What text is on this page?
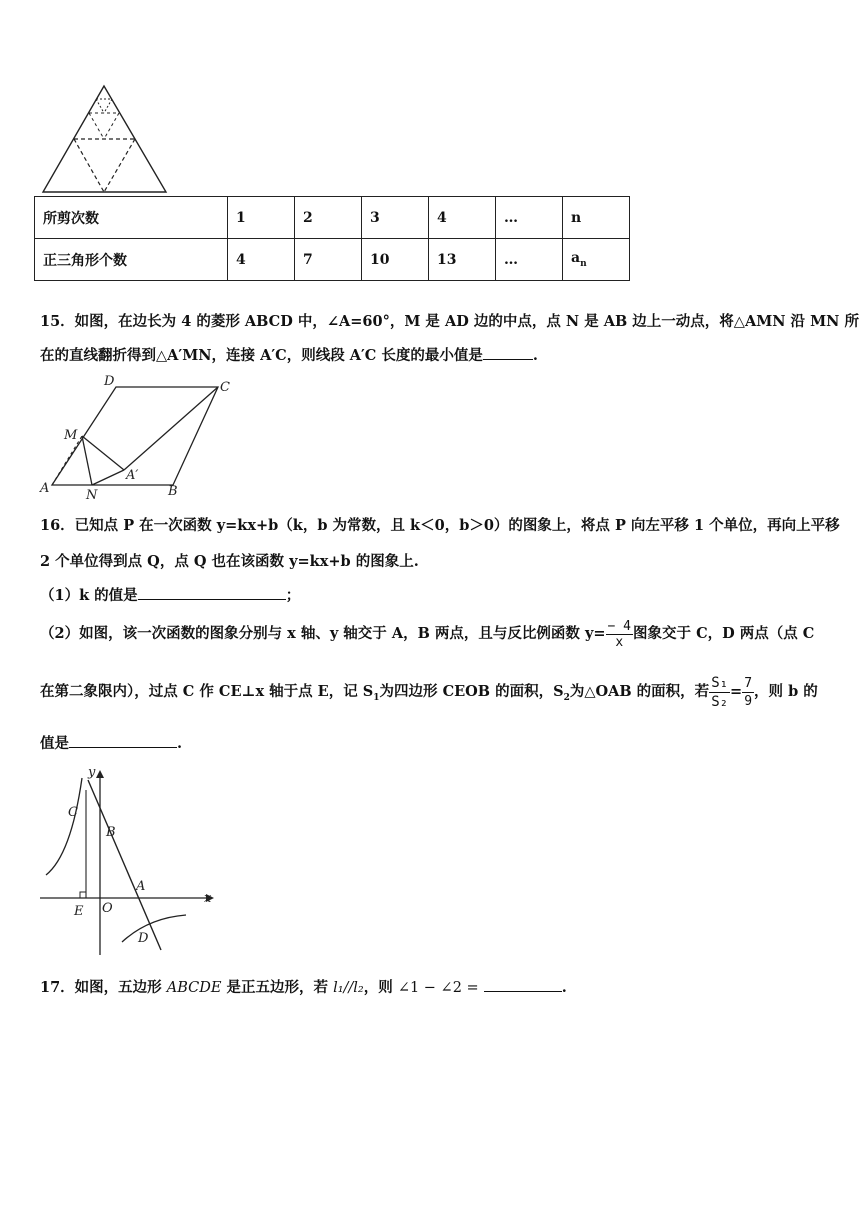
所剪次数	1	2	3	4	…	n
正三角形个数	4	7	10	13	…	$a_n$
15．如图，在边长为 4 的菱形 ABCD 中，∠A=60°，M 是 AD 边的中点，点 N 是 AB 边上一动点，将△AMN 沿 MN 所
在的直线翻折得到△A′MN，连接 A′C，则线段 A′C 长度的最小值是	.
D	C
M
A′
A	N	B
16．已知点 P 在一次函数 y=kx+b（k，b 为常数，且 k＜0，b＞0）的图象上，将点 P 向左平移 1 个单位，再向上平移
2 个单位得到点 Q，点 Q 也在该函数 y=kx+b 的图象上.
（1）k 的值是	；
（2）如图，该一次函数的图象分别与 x 轴、y 轴交于 A，B 两点，且与反比例函数 $y= \frac{- 4}{x}$ 图象交于 C，D 两点（点 C
在第二象限内），过点 C 作 CE⊥x 轴于点 E，记 $S_1$为四边形 CEOB 的面积，$S_2$为△OAB 的面积，若 $\frac{\text{S₁}}{\text{S₂}} = \frac{7}{9}$ ，则 b 的
值是	.
y
x
C
B
A
E O
D
17．如图，五边形 ABCDE 是正五边形，若 l₁//l₂，则 ∠1 − ∠2 =	.
